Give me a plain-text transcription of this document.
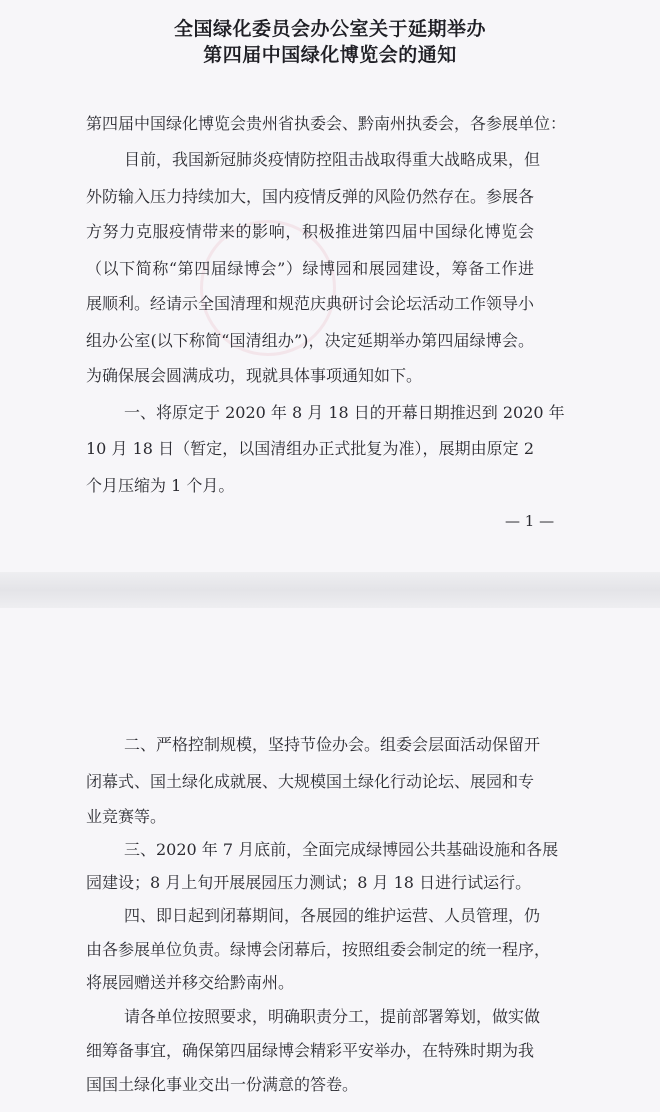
全国绿化委员会办公室关于延期举办
第四届中国绿化博览会的通知
第四届中国绿化博览会贵州省执委会、黔南州执委会，各参展单位：
目前，我国新冠肺炎疫情防控阻击战取得重大战略成果，但
外防输入压力持续加大，国内疫情反弹的风险仍然存在。参展各
方努力克服疫情带来的影响，积极推进第四届中国绿化博览会
（以下简称“第四届绿博会”）绿博园和展园建设，筹备工作进
展顺利。经请示全国清理和规范庆典研讨会论坛活动工作领导小
组办公室(以下称简“国清组办”)，决定延期举办第四届绿博会。
为确保展会圆满成功，现就具体事项通知如下。
一、将原定于 2020 年 8 月 18 日的开幕日期推迟到 2020 年
10 月 18 日（暂定，以国清组办正式批复为准），展期由原定 2
个月压缩为 1 个月。
— 1 —
二、严格控制规模，坚持节俭办会。组委会层面活动保留开
闭幕式、国土绿化成就展、大规模国土绿化行动论坛、展园和专
业竞赛等。
三、2020 年 7 月底前，全面完成绿博园公共基础设施和各展
园建设；8 月上旬开展展园压力测试；8 月 18 日进行试运行。
四、即日起到闭幕期间，各展园的维护运营、人员管理，仍
由各参展单位负责。绿博会闭幕后，按照组委会制定的统一程序，
将展园赠送并移交给黔南州。
请各单位按照要求，明确职责分工，提前部署筹划，做实做
细筹备事宜，确保第四届绿博会精彩平安举办，在特殊时期为我
国国土绿化事业交出一份满意的答卷。
